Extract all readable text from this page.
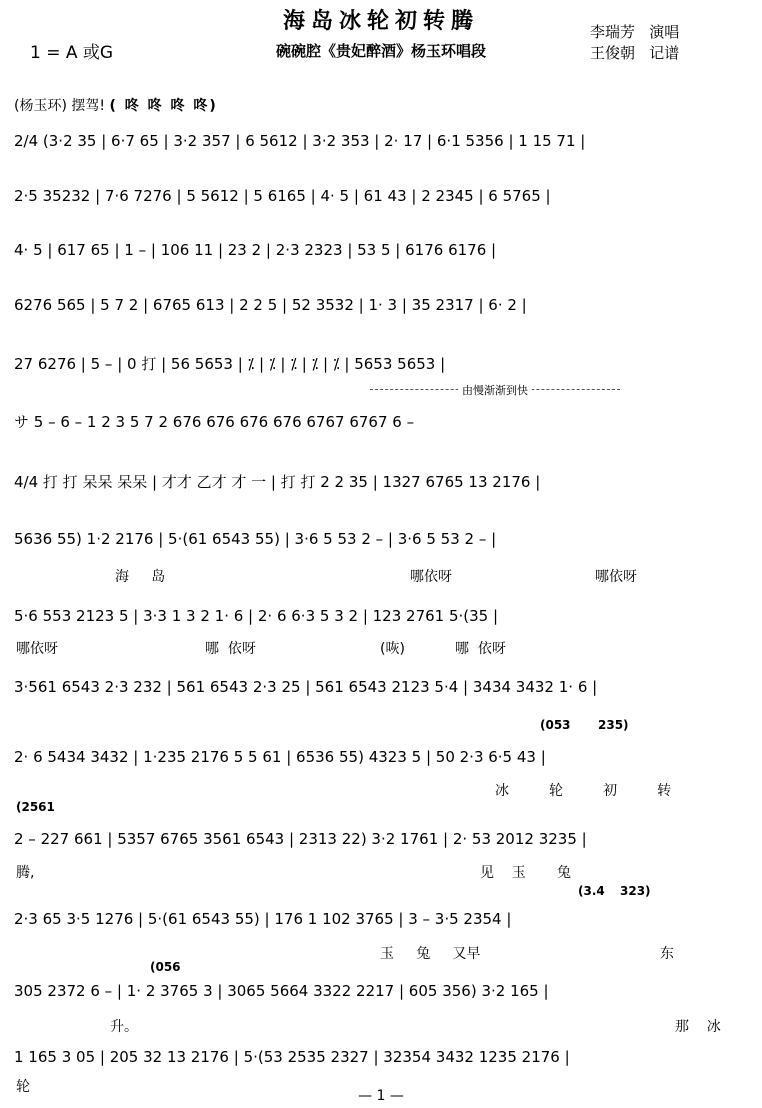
海岛冰轮初转腾
碗碗腔《贵妃醉酒》杨玉环唱段
1 = A 或G
李瑞芳   演唱
王俊朝   记谱
(杨玉环) 摆驾! ( 咚 咚 咚 咚)
由慢渐渐到快
2/4 (3·2 35 | 6·7 65 | 3·2 357 | 6 5612 | 3·2 353 | 2· 17 | 6·1 5356 | 1 15 71 |
2·5 35232 | 7·6 7276 | 5 5612 | 5 6165 | 4· 5 | 61 43 | 2 2345 | 6 5765 |
4· 5 | 617 65 | 1 – | 106 11 | 23 2 | 2·3 2323 | 53 5 | 6176 6176 |
6276 565 | 5 7 2 | 6765 613 | 2 2 5 | 52 3532 | 1· 3 | 35 2317 | 6· 2 |
27 6276 | 5 – | 0 打 | 56 5653 | ⁒ | ⁒ | ⁒ | ⁒ | ⁒ | 5653 5653 |
サ 5 – 6 – 1 2 3 5 7 2 676 676 676 676 6767 6767 6 –
4/4 打 打 呆呆 呆呆 | 才才 乙才 才 一 | 打 打 2 2 35 | 1327 6765 13 2176 |
5636 55) 1·2 2176 | 5·(61 6543 55) | 3·6 5 53 2 – | 3·6 5 53 2 – |
5·6 553 2123 5 | 3·3 1 3 2 1· 6 | 2· 6 6·3 5 3 2 | 123 2761 5·(35 |
3·561 6543 2·3 232 | 561 6543 2·3 25 | 561 6543 2123 5·4 | 3434 3432 1· 6 |
2· 6 5434 3432 | 1·235 2176 5 5 61 | 6536 55) 4323 5 | 50 2·3 6·5 43 |
2 – 227 661 | 5357 6765 3561 6543 | 2313 22) 3·2 1761 | 2· 53 2012 3235 |
2·3 65 3·5 1276 | 5·(61 6543 55) | 176 1 102 3765 | 3 – 3·5 2354 |
305 2372 6 – | 1· 2 3765 3 | 3065 5664 3322 2217 | 605 356) 3·2 165 |
1 165 3 05 | 205 32 13 2176 | 5·(53 2535 2327 | 32354 3432 1235 2176 |
海     岛	哪依呀	哪依呀
哪依呀	哪  依呀	(咴)	哪  依呀
冰         轮         初         转
腾,	见    玉       兔
玉     兔     又早	东
升。	那    冰
轮
(053 235)
(2561
(3.4 323)
(056
— 1 —
